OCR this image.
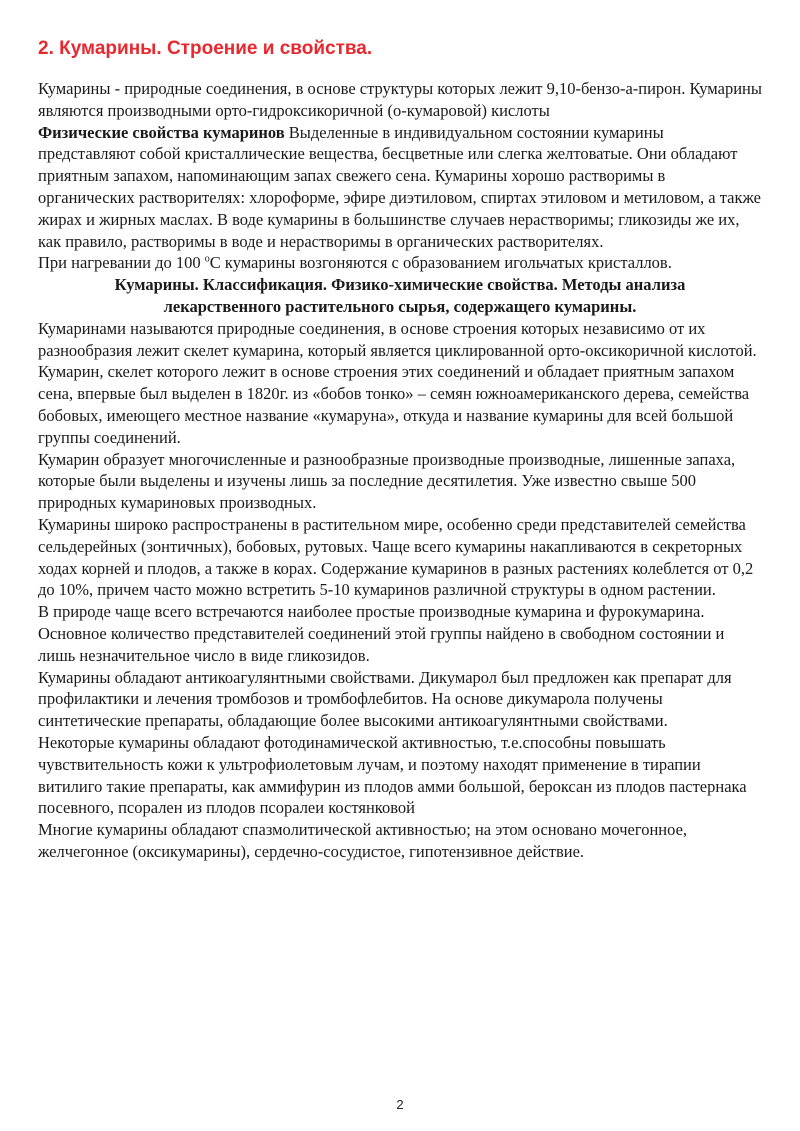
2. Кумарины. Строение и свойства.

Кумарины - природные соединения, в основе структуры которых лежит 9,10-бензо-а-пирон. Кумарины являются производными орто-гидроксикоричной (о-кумаровой) кислоты

Физические свойства кумаринов Выделенные в индивидуальном состоянии кумарины представляют собой кристаллические вещества, бесцветные или слегка желтоватые. Они обладают приятным запахом, напоминающим запах свежего сена. Кумарины хорошо растворимы в органических растворителях: хлороформе, эфире диэтиловом, спиртах этиловом и метиловом, а также жирах и жирных маслах. В воде кумарины в большинстве случаев нерастворимы; гликозиды же их, как правило, растворимы в воде и нерастворимы в органических растворителях.

При нагревании до 100 $^о$С кумарины возгоняются с образованием игольчатых кристаллов.

Кумарины. Классификация. Физико-химические свойства. Методы анализа лекарственного растительного сырья, содержащего кумарины.

Кумаринами называются природные соединения, в основе строения которых независимо от их разнообразия лежит скелет кумарина, который является циклированной орто-оксикоричной кислотой.

Кумарин, скелет которого лежит в основе строения этих соединений и обладает приятным запахом сена, впервые был выделен в 1820г. из «бобов тонко» – семян южноамериканского дерева, семейства бобовых, имеющего местное название «кумаруна», откуда и название кумарины для всей большой группы соединений.

Кумарин образует многочисленные и разнообразные производные производные, лишенные запаха, которые были выделены и изучены лишь за последние десятилетия. Уже известно свыше 500 природных кумариновых производных.

Кумарины широко распространены в растительном мире, особенно среди представителей семейства сельдерейных (зонтичных), бобовых, рутовых. Чаще всего кумарины накапливаются в секреторных ходах корней и плодов, а также в корах. Содержание кумаринов в разных растениях колеблется от 0,2 до 10%, причем часто можно встретить 5-10 кумаринов различной структуры в одном растении.

В природе чаще всего встречаются наиболее простые производные кумарина и фурокумарина. Основное количество представителей соединений этой группы найдено в свободном состоянии и лишь незначительное число в виде гликозидов.

Кумарины обладают антикоагулянтными свойствами. Дикумарол был предложен как препарат для профилактики и лечения тромбозов и тромбофлебитов. На основе дикумарола получены синтетические препараты, обладающие более высокими антикоагулянтными свойствами.

Некоторые кумарины обладают фотодинамической активностью, т.е.способны повышать чувствительность кожи к ультрофиолетовым лучам, и поэтому находят применение в тирапии витилиго такие препараты, как аммифурин из плодов амми большой, бероксан из плодов пастернака посевного, псорален из плодов псоралеи костянковой

Многие кумарины обладают спазмолитической активностью; на этом основано мочегонное, желчегонное (оксикумарины), сердечно-сосудистое, гипотензивное действие.

2
